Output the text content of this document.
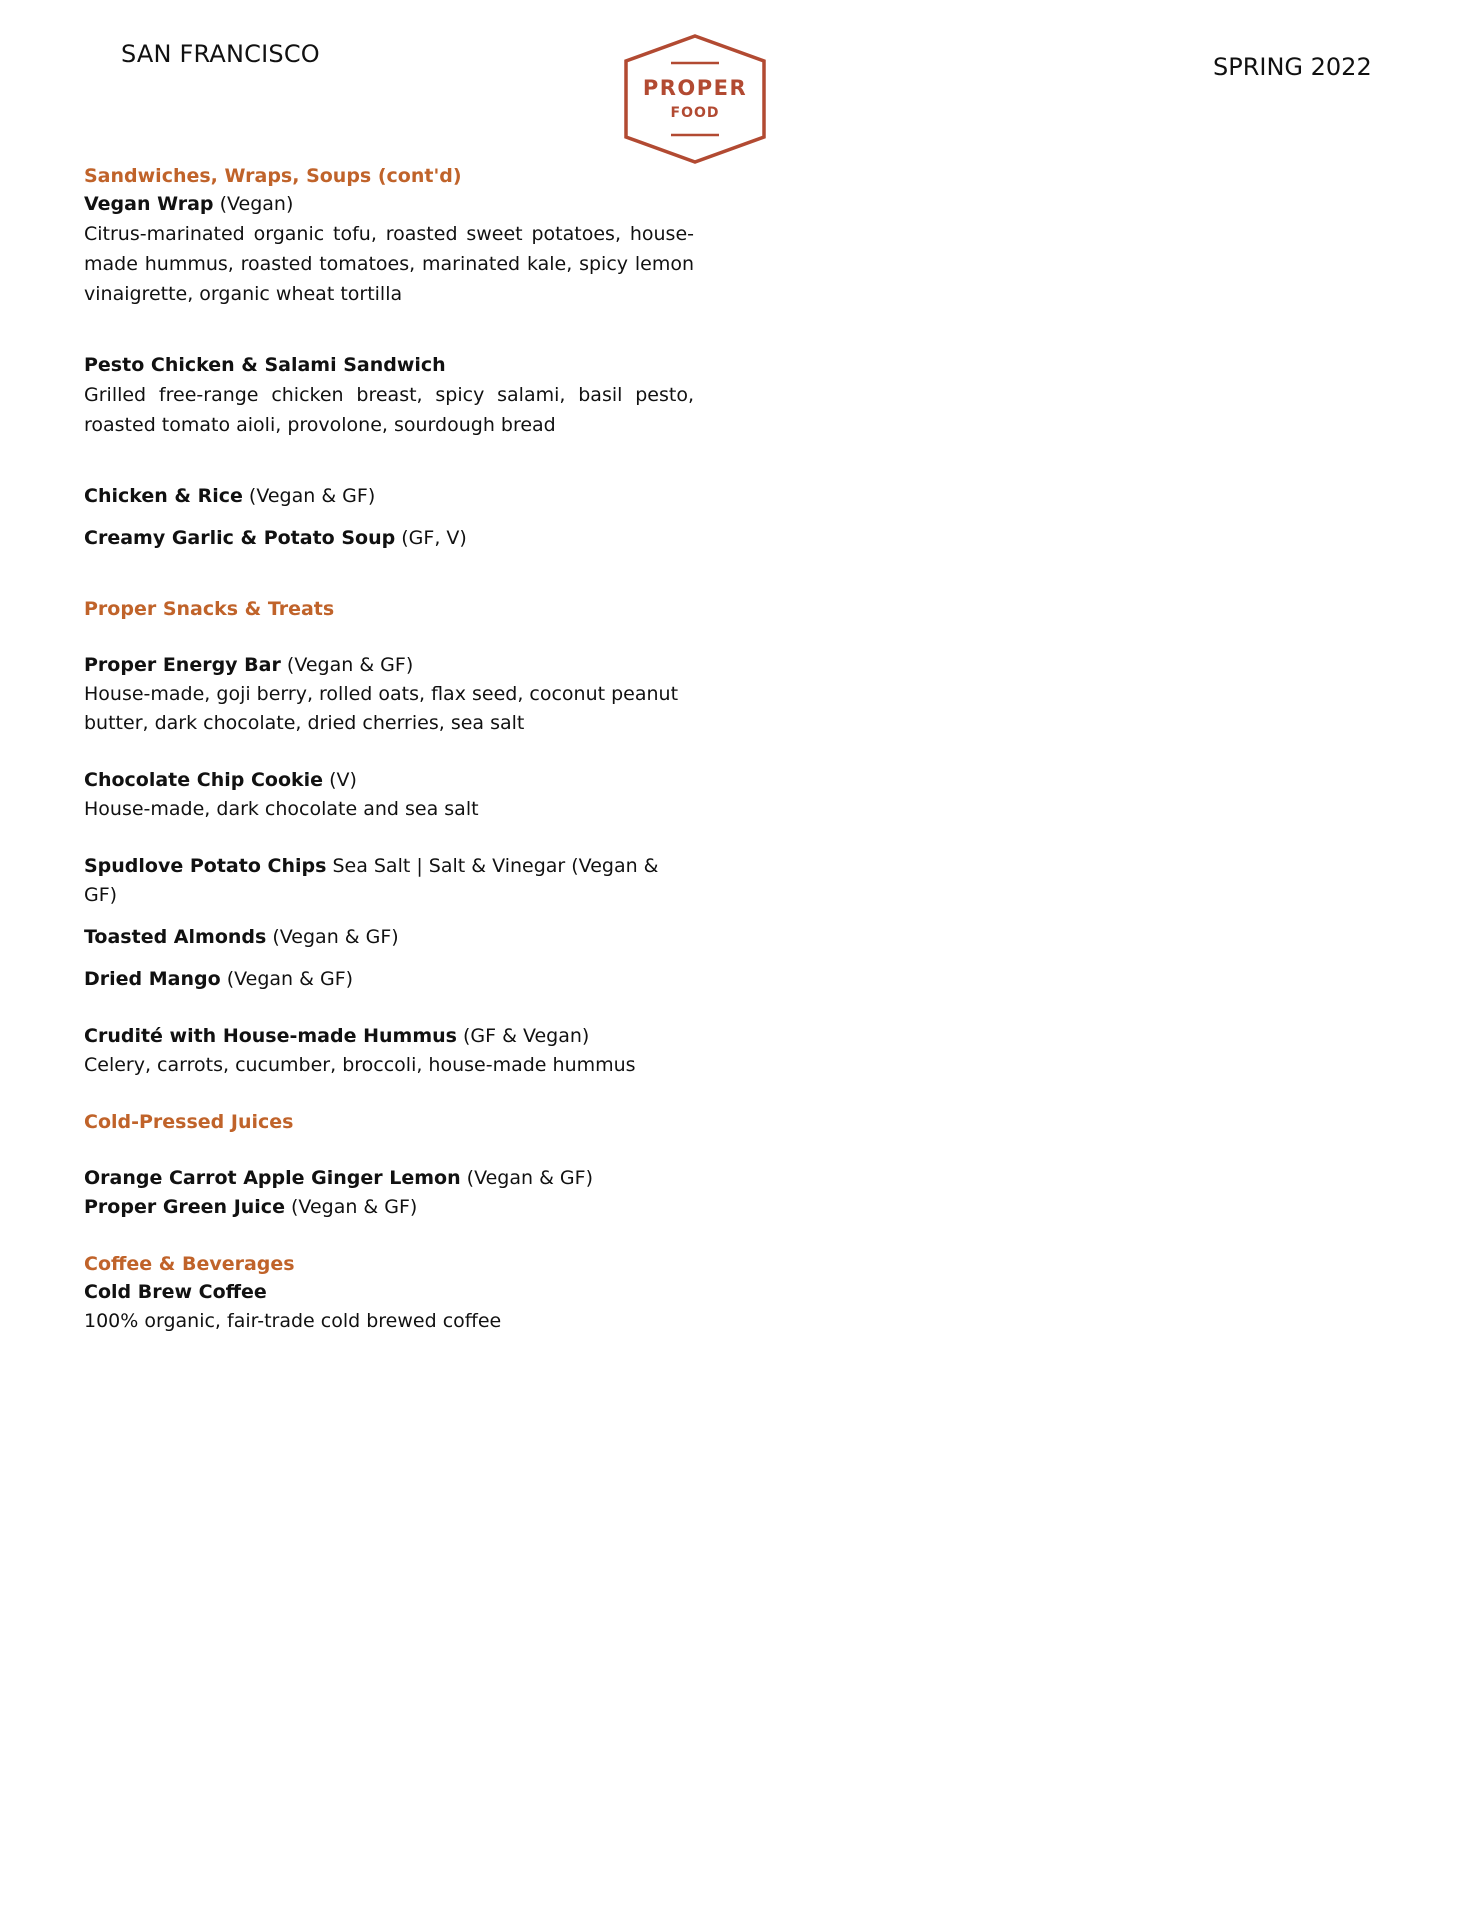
SAN FRANCISCO
PROPER
FOOD
SPRING 2022
Sandwiches, Wraps, Soups (cont'd)
Vegan Wrap (Vegan)
Citrus-marinated organic tofu, roasted sweet potatoes, house-made hummus, roasted tomatoes, marinated kale, spicy lemon vinaigrette, organic wheat tortilla
Pesto Chicken & Salami Sandwich
Grilled free-range chicken breast, spicy salami, basil pesto, roasted tomato aioli, provolone, sourdough bread
Chicken & Rice (Vegan & GF)
Creamy Garlic & Potato Soup (GF, V)
Proper Snacks & Treats
Proper Energy Bar (Vegan & GF)
House-made, goji berry, rolled oats, flax seed, coconut peanut butter, dark chocolate, dried cherries, sea salt
Chocolate Chip Cookie (V)
House-made, dark chocolate and sea salt
Spudlove Potato Chips Sea Salt | Salt & Vinegar (Vegan & GF)
Toasted Almonds (Vegan & GF)
Dried Mango (Vegan & GF)
Crudité with House-made Hummus (GF & Vegan)
Celery, carrots, cucumber, broccoli, house-made hummus
Cold-Pressed Juices
Orange Carrot Apple Ginger Lemon (Vegan & GF)
Proper Green Juice (Vegan & GF)
Coffee & Beverages
Cold Brew Coffee
100% organic, fair-trade cold brewed coffee
